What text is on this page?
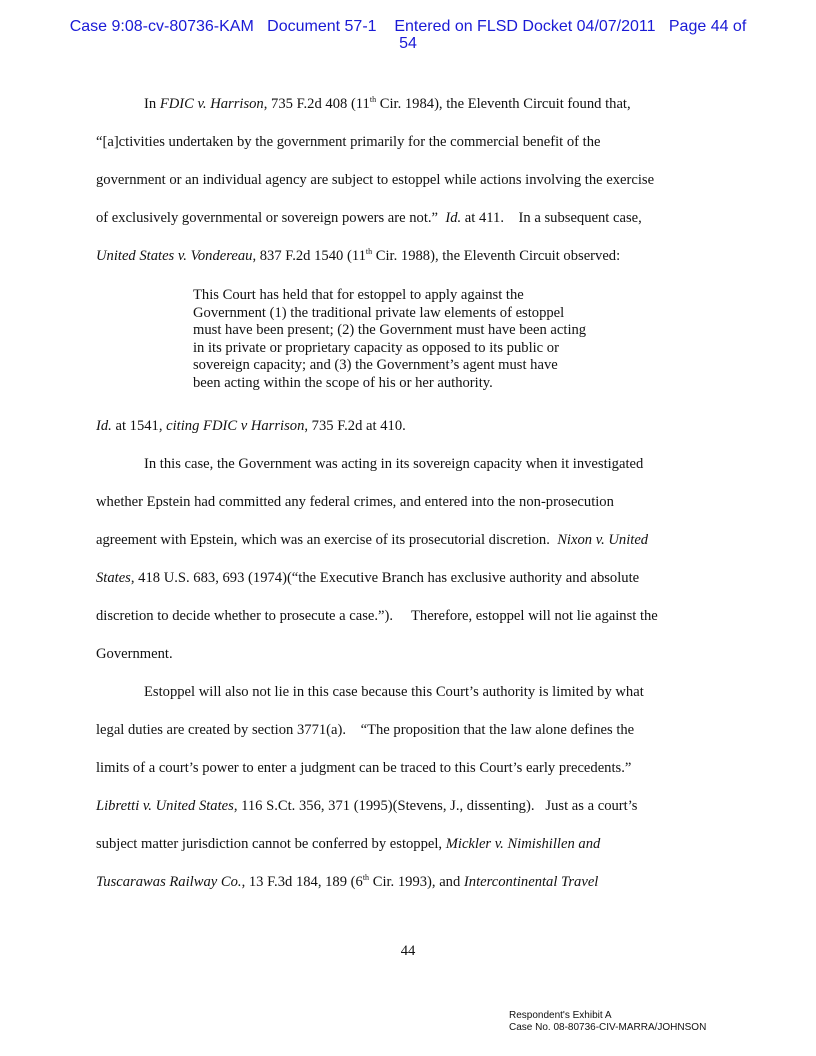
Case 9:08-cv-80736-KAM Document 57-1 Entered on FLSD Docket 04/07/2011 Page 44 of
54
In FDIC v. Harrison, 735 F.2d 408 (11th Cir. 1984), the Eleventh Circuit found that,
“[a]ctivities undertaken by the government primarily for the commercial benefit of the
government or an individual agency are subject to estoppel while actions involving the exercise
of exclusively governmental or sovereign powers are not.”  Id. at 411.    In a subsequent case,
United States v. Vondereau, 837 F.2d 1540 (11th Cir. 1988), the Eleventh Circuit observed:
Id. at 1541, citing FDIC v Harrison, 735 F.2d at 410.
In this case, the Government was acting in its sovereign capacity when it investigated
whether Epstein had committed any federal crimes, and entered into the non-prosecution
agreement with Epstein, which was an exercise of its prosecutorial discretion.  Nixon v. United
States, 418 U.S. 683, 693 (1974)(“the Executive Branch has exclusive authority and absolute
discretion to decide whether to prosecute a case.”).     Therefore, estoppel will not lie against the
Government.
Estoppel will also not lie in this case because this Court’s authority is limited by what
legal duties are created by section 3771(a).    “The proposition that the law alone defines the
limits of a court’s power to enter a judgment can be traced to this Court’s early precedents.”
Libretti v. United States, 116 S.Ct. 356, 371 (1995)(Stevens, J., dissenting).   Just as a court’s
subject matter jurisdiction cannot be conferred by estoppel, Mickler v. Nimishillen and
Tuscarawas Railway Co., 13 F.3d 184, 189 (6th Cir. 1993), and Intercontinental Travel
This Court has held that for estoppel to apply against the
Government (1) the traditional private law elements of estoppel
must have been present; (2) the Government must have been acting
in its private or proprietary capacity as opposed to its public or
sovereign capacity; and (3) the Government’s agent must have
been acting within the scope of his or her authority.
44
Respondent's Exhibit A
Case No. 08-80736-CIV-MARRA/JOHNSON
